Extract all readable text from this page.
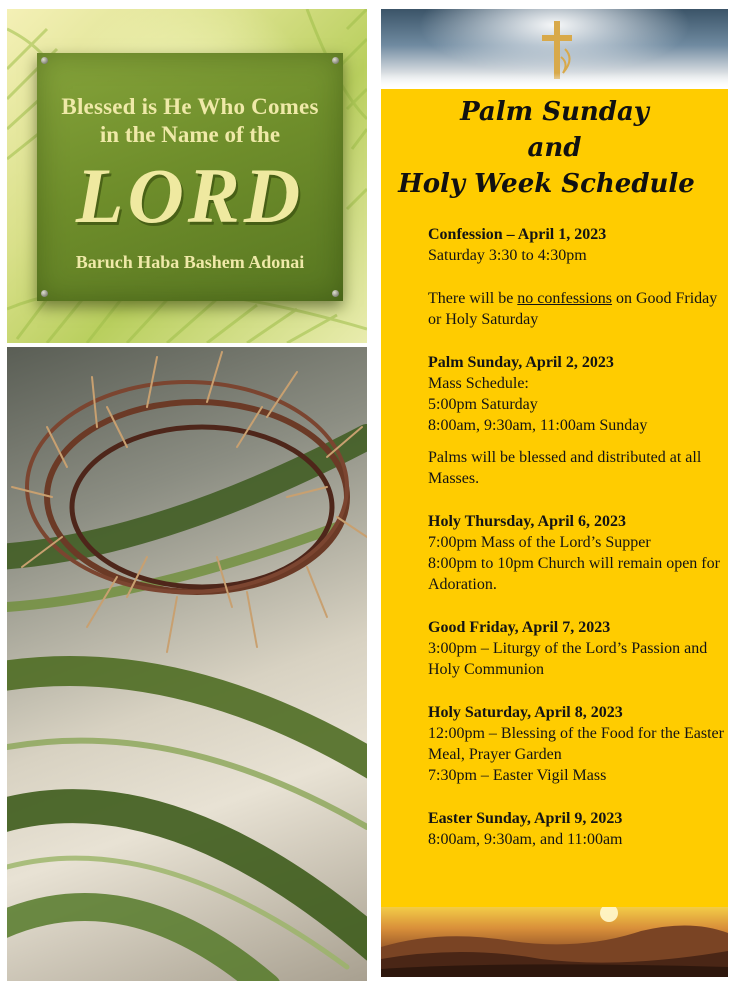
Blessed is He Who Comes
in the Name of the
LORD
Baruch Haba Bashem Adonai
Palm Sunday
and
Holy Week Schedule
Confession – April 1, 2023
Saturday 3:30 to 4:30pm
There will be no confessions on Good Friday or Holy Saturday
Palm Sunday, April 2, 2023
Mass Schedule:
5:00pm Saturday
8:00am, 9:30am, 11:00am Sunday
Palms will be blessed and distributed at all Masses.
Holy Thursday, April 6, 2023
7:00pm Mass of the Lord’s Supper
8:00pm to 10pm Church will remain open for Adoration.
Good Friday, April 7, 2023
3:00pm – Liturgy of the Lord’s Passion and Holy Communion
Holy Saturday, April 8, 2023
12:00pm – Blessing of the Food for the Easter Meal, Prayer Garden
7:30pm – Easter Vigil Mass
Easter Sunday, April 9, 2023
8:00am, 9:30am, and 11:00am
